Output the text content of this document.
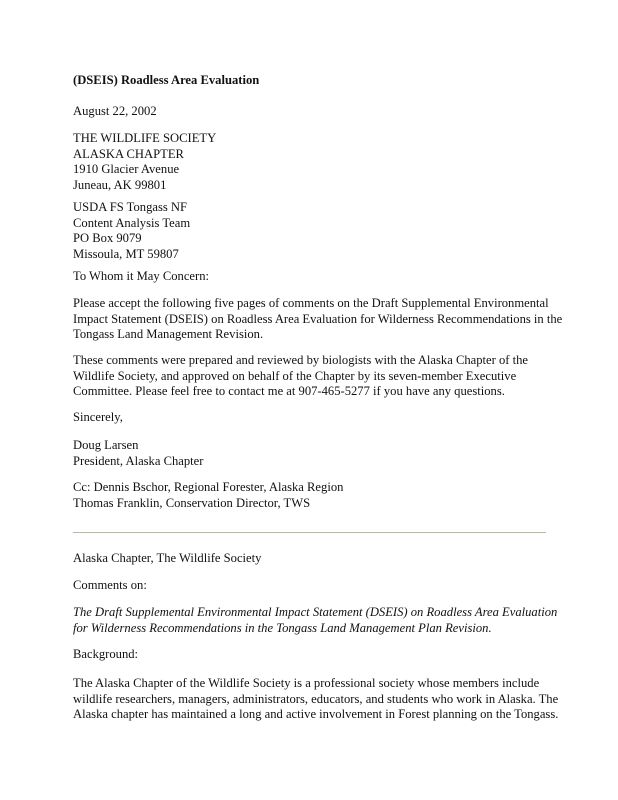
(DSEIS) Roadless Area Evaluation
August 22, 2002
THE WILDLIFE SOCIETY
ALASKA CHAPTER
1910 Glacier Avenue
Juneau, AK 99801
USDA FS Tongass NF
Content Analysis Team
PO Box 9079
Missoula, MT 59807
To Whom it May Concern:
Please accept the following five pages of comments on the Draft Supplemental Environmental
Impact Statement (DSEIS) on Roadless Area Evaluation for Wilderness Recommendations in the
Tongass Land Management Revision.
These comments were prepared and reviewed by biologists with the Alaska Chapter of the
Wildlife Society, and approved on behalf of the Chapter by its seven-member Executive
Committee. Please feel free to contact me at 907-465-5277 if you have any questions.
Sincerely,
Doug Larsen
President, Alaska Chapter
Cc: Dennis Bschor, Regional Forester, Alaska Region
Thomas Franklin, Conservation Director, TWS
Alaska Chapter, The Wildlife Society
Comments on:
The Draft Supplemental Environmental Impact Statement (DSEIS) on Roadless Area Evaluation
for Wilderness Recommendations in the Tongass Land Management Plan Revision.
Background:
The Alaska Chapter of the Wildlife Society is a professional society whose members include
wildlife researchers, managers, administrators, educators, and students who work in Alaska. The
Alaska chapter has maintained a long and active involvement in Forest planning on the Tongass.
